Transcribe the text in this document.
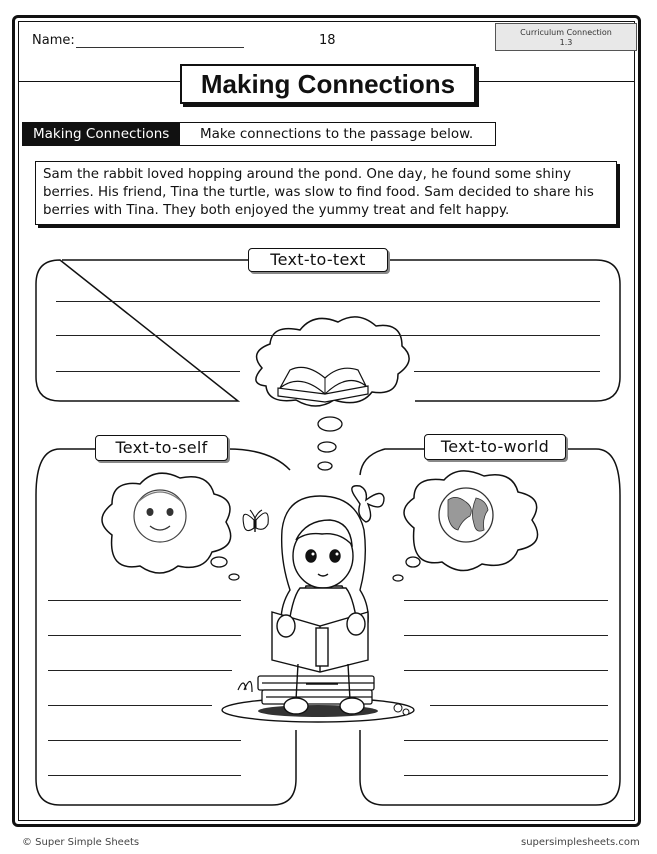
Name:	18
Curriculum Connection
1.3
Making Connections
Making Connections	Make connections to the passage below.
Sam the rabbit loved hopping around the pond. One day, he found some shiny
berries. His friend, Tina the turtle, was slow to find food. Sam decided to share his
berries with Tina. They both enjoyed the yummy treat and felt happy.
Text-to-text
Text-to-self	Text-to-world
© Super Simple Sheets	supersimplesheets.com
